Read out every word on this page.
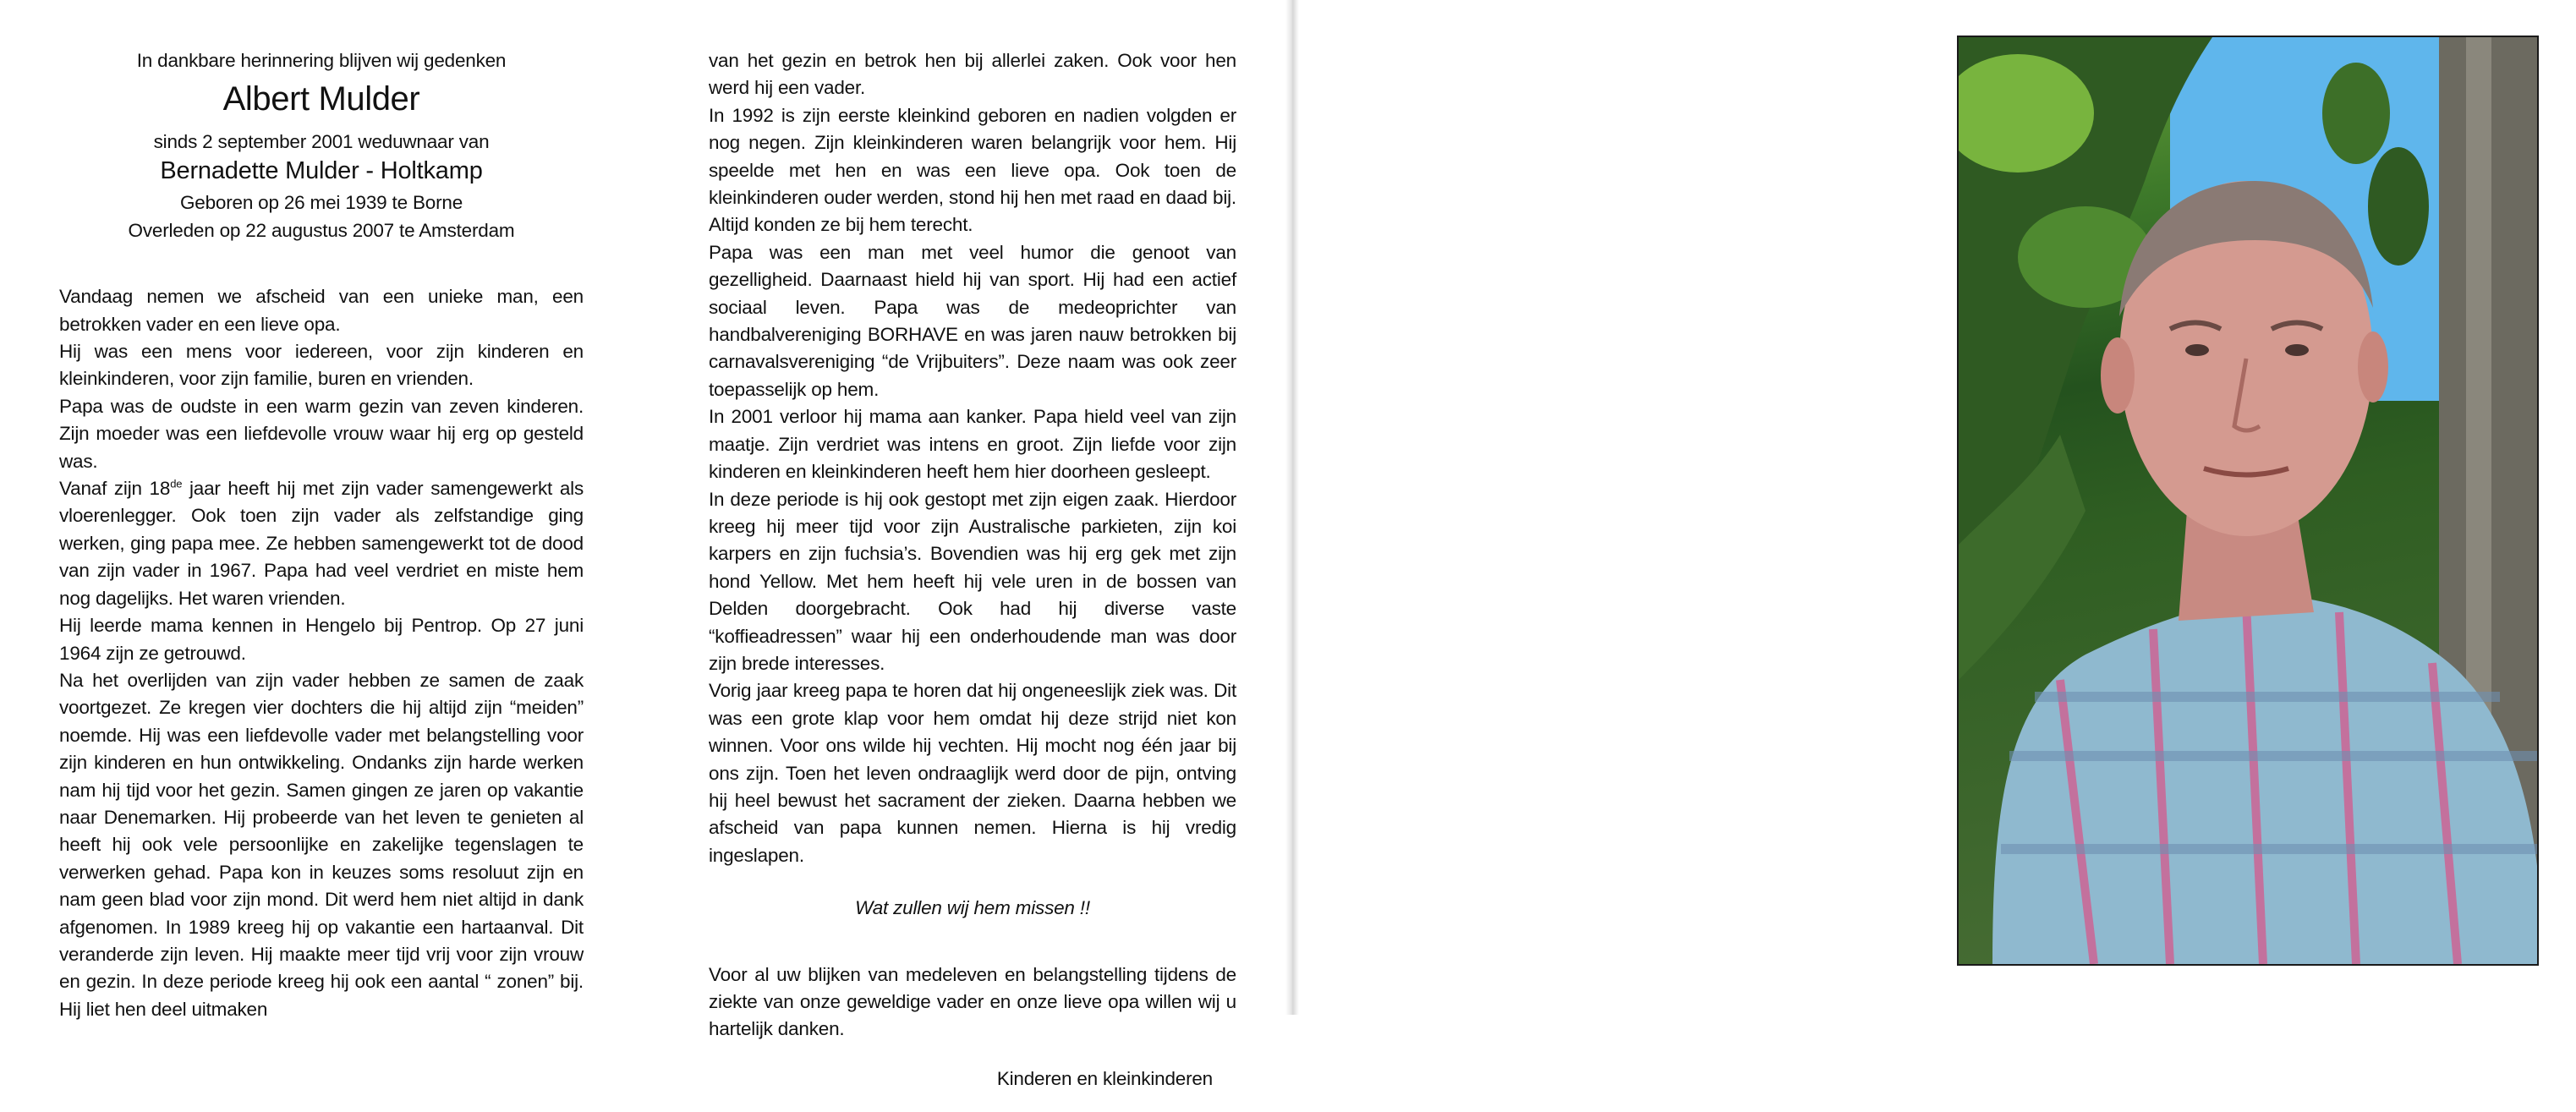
In dankbare herinnering blijven wij gedenken
Albert Mulder
sinds 2 september 2001 weduwnaar van
Bernadette Mulder - Holtkamp
Geboren op 26 mei 1939 te Borne
Overleden op 22 augustus 2007 te Amsterdam

Vandaag nemen we afscheid van een unieke man, een betrokken vader en een lieve opa.

Hij was een mens voor iedereen, voor zijn kinderen en kleinkinderen, voor zijn familie, buren en vrienden.

Papa was de oudste in een warm gezin van zeven kinderen. Zijn moeder was een liefdevolle vrouw waar hij erg op gesteld was.

Vanaf zijn 18de jaar heeft hij met zijn vader samengewerkt als vloerenlegger. Ook toen zijn vader als zelfstandige ging werken, ging papa mee. Ze hebben samengewerkt tot de dood van zijn vader in 1967. Papa had veel verdriet en miste hem nog dagelijks. Het waren vrienden.

Hij leerde mama kennen in Hengelo bij Pentrop. Op 27 juni 1964 zijn ze getrouwd.

Na het overlijden van zijn vader hebben ze samen de zaak voortgezet. Ze kregen vier dochters die hij altijd zijn “meiden” noemde. Hij was een liefdevolle vader met belangstelling voor zijn kinderen en hun ontwikkeling. Ondanks zijn harde werken nam hij tijd voor het gezin. Samen gingen ze jaren op vakantie naar Denemarken. Hij probeerde van het leven te genieten al heeft hij ook vele persoonlijke en zakelijke tegenslagen te verwerken gehad. Papa kon in keuzes soms resoluut zijn en nam geen blad voor zijn mond. Dit werd hem niet altijd in dank afgenomen. In 1989 kreeg hij op vakantie een hartaanval. Dit veranderde zijn leven. Hij maakte meer tijd vrij voor zijn vrouw en gezin. In deze periode kreeg hij ook een aantal “ zonen” bij. Hij liet hen deel uitmaken

van het gezin en betrok hen bij allerlei zaken. Ook voor hen werd hij een vader.

In 1992 is zijn eerste kleinkind geboren en nadien volgden er nog negen. Zijn kleinkinderen waren belangrijk voor hem. Hij speelde met hen en was een lieve opa. Ook toen de kleinkinderen ouder werden, stond hij hen met raad en daad bij. Altijd konden ze bij hem terecht.

Papa was een man met veel humor die genoot van gezelligheid. Daarnaast hield hij van sport. Hij had een actief sociaal leven. Papa was de medeoprichter van handbalvereniging BORHAVE en was jaren nauw betrokken bij carnavalsvereniging “de Vrijbuiters”. Deze naam was ook zeer toepasselijk op hem.

In 2001 verloor hij mama aan kanker. Papa hield veel van zijn maatje. Zijn verdriet was intens en groot. Zijn liefde voor zijn kinderen en kleinkinderen heeft hem hier doorheen gesleept.

In deze periode is hij ook gestopt met zijn eigen zaak. Hierdoor kreeg hij meer tijd voor zijn Australische parkieten, zijn koi karpers en zijn fuchsia’s. Bovendien was hij erg gek met zijn hond Yellow. Met hem heeft hij vele uren in de bossen van Delden doorgebracht. Ook had hij diverse vaste “koffieadressen” waar hij een onderhoudende man was door zijn brede interesses.

Vorig jaar kreeg papa te horen dat hij ongeneeslijk ziek was. Dit was een grote klap voor hem omdat hij deze strijd niet kon winnen. Voor ons wilde hij vechten. Hij mocht nog één jaar bij ons zijn. Toen het leven ondraaglijk werd door de pijn, ontving hij heel bewust het sacrament der zieken. Daarna hebben we afscheid van papa kunnen nemen. Hierna is hij vredig ingeslapen.

Wat zullen wij hem missen !!

Voor al uw blijken van medeleven en belangstelling tijdens de ziekte van onze geweldige vader en onze lieve opa willen wij u hartelijk danken.

Kinderen en kleinkinderen
